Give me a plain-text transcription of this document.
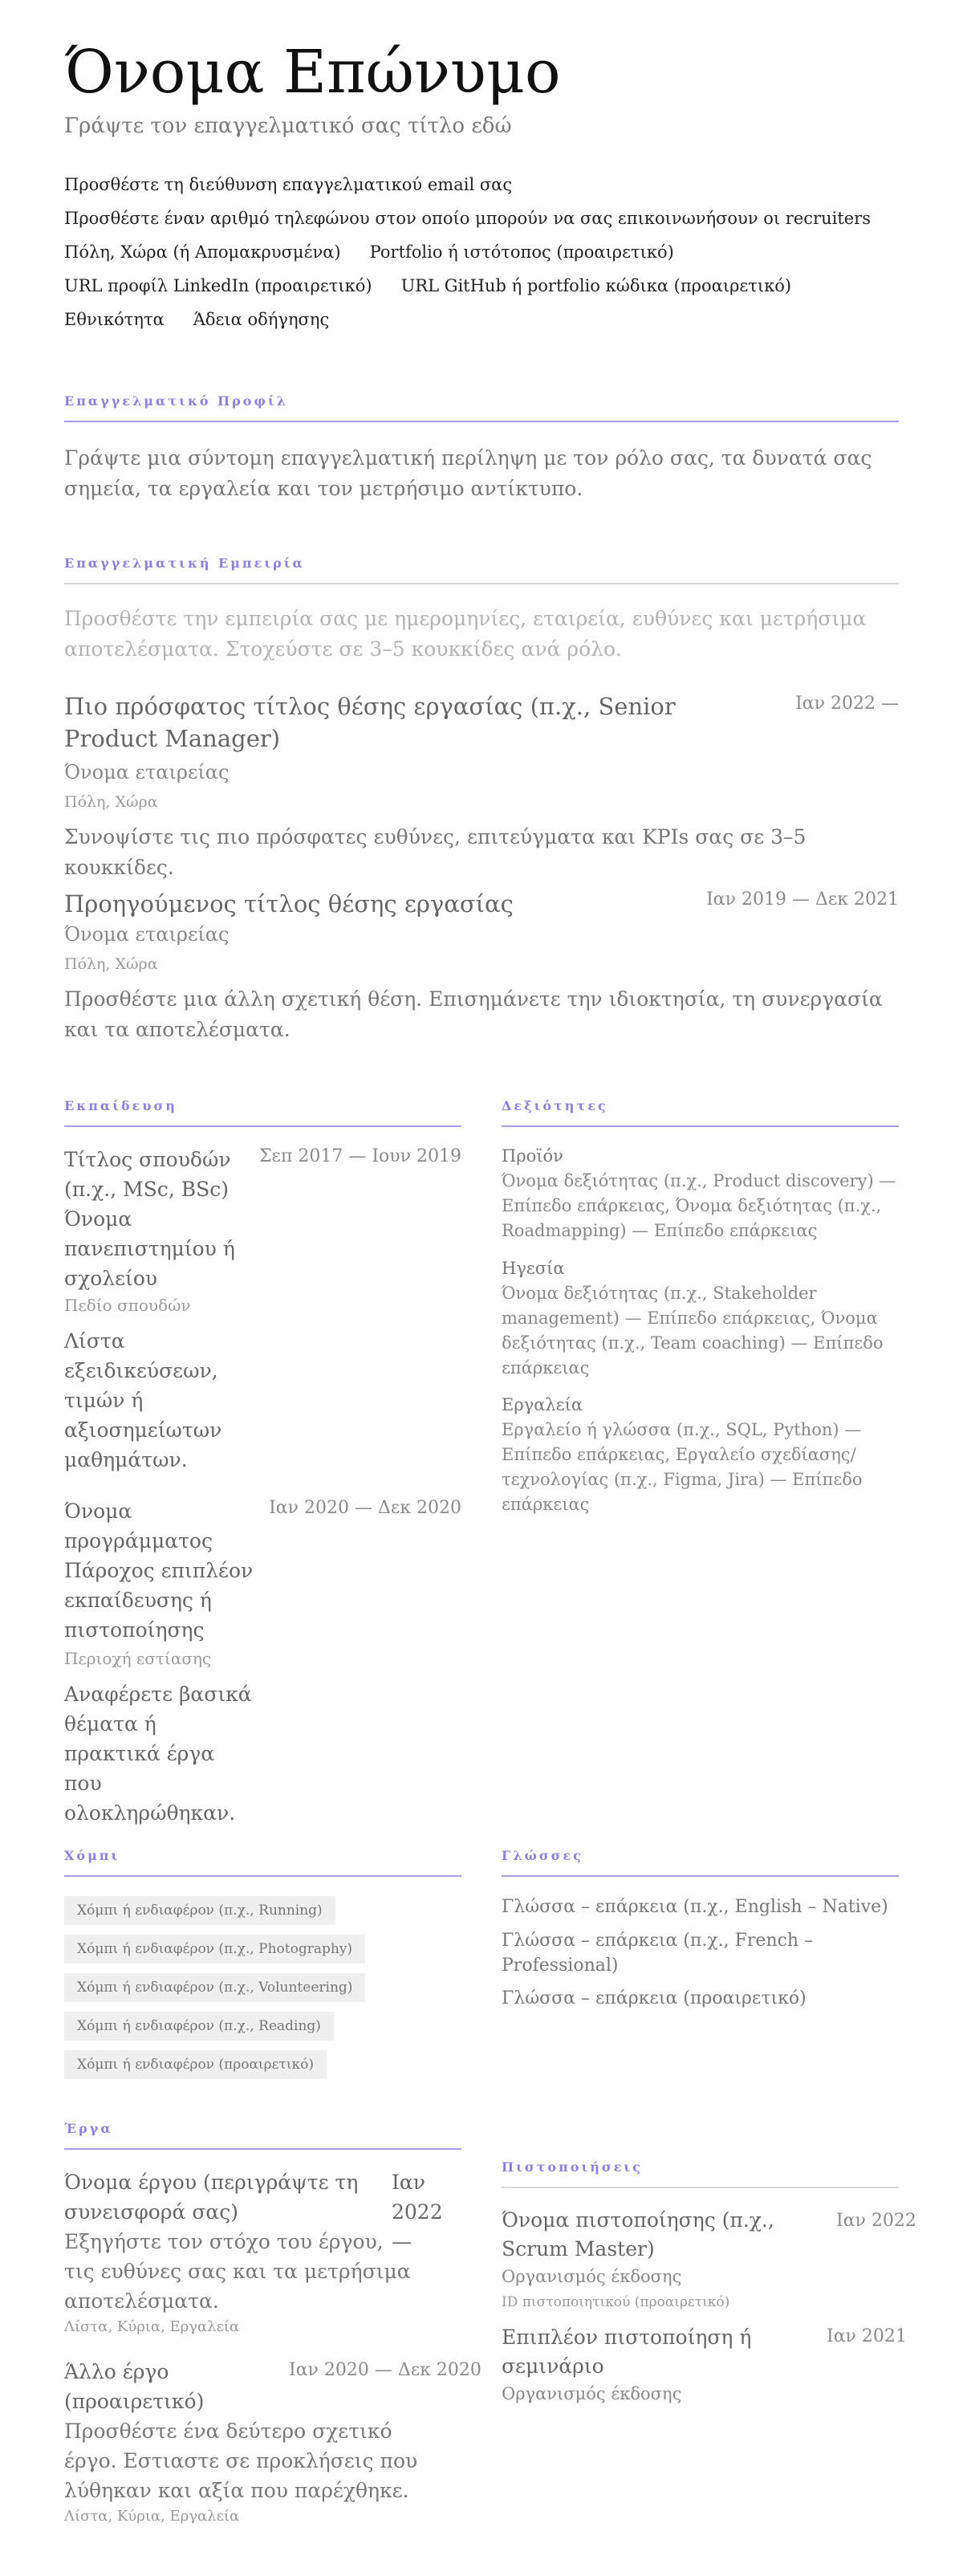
Όνομα Επώνυμο
Γράψτε τον επαγγελματικό σας τίτλο εδώ
Προσθέστε τη διεύθυνση επαγγελματικού email σας
Προσθέστε έναν αριθμό τηλεφώνου στον οποίο μπορούν να σας επικοινωνήσουν οι recruiters
Πόλη, Χώρα (ή Απομακρυσμένα) Portfolio ή ιστότοπος (προαιρετικό)
URL προφίλ LinkedIn (προαιρετικό) URL GitHub ή portfolio κώδικα (προαιρετικό)
Εθνικότητα Άδεια οδήγησης
Επαγγελματικό Προφίλ
Γράψτε μια σύντομη επαγγελματική περίληψη με τον ρόλο σας, τα δυνατά σας σημεία, τα εργαλεία και τον μετρήσιμο αντίκτυπο.
Επαγγελματική Εμπειρία
Προσθέστε την εμπειρία σας με ημερομηνίες, εταιρεία, ευθύνες και μετρήσιμα αποτελέσματα. Στοχεύστε σε 3–5 κουκκίδες ανά ρόλο.
Πιο πρόσφατος τίτλος θέσης εργασίας (π.χ., Senior Product Manager)
Ιαν 2022 —
Όνομα εταιρείας
Πόλη, Χώρα
Συνοψίστε τις πιο πρόσφατες ευθύνες, επιτεύγματα και KPIs σας σε 3–5 κουκκίδες.
Προηγούμενος τίτλος θέσης εργασίας	Ιαν 2019 — Δεκ 2021
Όνομα εταιρείας
Πόλη, Χώρα
Προσθέστε μια άλλη σχετική θέση. Επισημάνετε την ιδιοκτησία, τη συνεργασία και τα αποτελέσματα.
Εκπαίδευση
Τίτλος σπουδών (π.χ., MSc, BSc) Όνομα πανεπιστημίου ή σχολείου
Σεπ 2017 — Ιουν 2019
Πεδίο σπουδών
Λίστα εξειδικεύσεων, τιμών ή αξιοσημείωτων μαθημάτων.
Όνομα προγράμματος Πάροχος επιπλέον εκπαίδευσης ή πιστοποίησης
Ιαν 2020 — Δεκ 2020
Περιοχή εστίασης
Αναφέρετε βασικά θέματα ή πρακτικά έργα που ολοκληρώθηκαν.
Δεξιότητες
Προϊόν
Όνομα δεξιότητας (π.χ., Product discovery) — Επίπεδο επάρκειας, Όνομα δεξιότητας (π.χ., Roadmapping) — Επίπεδο επάρκειας
Ηγεσία
Όνομα δεξιότητας (π.χ., Stakeholder management) — Επίπεδο επάρκειας, Όνομα δεξιότητας (π.χ., Team coaching) — Επίπεδο επάρκειας
Εργαλεία
Εργαλείο ή γλώσσα (π.χ., SQL, Python) — Επίπεδο επάρκειας, Εργαλείο σχεδίασης/τεχνολογίας (π.χ., Figma, Jira) — Επίπεδο επάρκειας
Χόμπι
Χόμπι ή ενδιαφέρον (π.χ., Running)
Χόμπι ή ενδιαφέρον (π.χ., Photography)
Χόμπι ή ενδιαφέρον (π.χ., Volunteering)
Χόμπι ή ενδιαφέρον (π.χ., Reading)
Χόμπι ή ενδιαφέρον (προαιρετικό)
Γλώσσες
Γλώσσα – επάρκεια (π.χ., English – Native)
Γλώσσα – επάρκεια (π.χ., French – Professional)
Γλώσσα – επάρκεια (προαιρετικό)
Έργα
Όνομα έργου (περιγράψτε τη συνεισφορά σας)
Ιαν 2022 —
Εξηγήστε τον στόχο του έργου, τις ευθύνες σας και τα μετρήσιμα αποτελέσματα.
Λίστα, Κύρια, Εργαλεία
Άλλο έργο (προαιρετικό)
Ιαν 2020 — Δεκ 2020
Προσθέστε ένα δεύτερο σχετικό έργο. Εστιαστε σε προκλήσεις που λύθηκαν και αξία που παρέχθηκε.
Λίστα, Κύρια, Εργαλεία
Πιστοποιήσεις
Όνομα πιστοποίησης (π.χ., Scrum Master)
Ιαν 2022
Οργανισμός έκδοσης
ID πιστοποιητικού (προαιρετικό)
Επιπλέον πιστοποίηση ή σεμινάριο
Ιαν 2021
Οργανισμός έκδοσης
